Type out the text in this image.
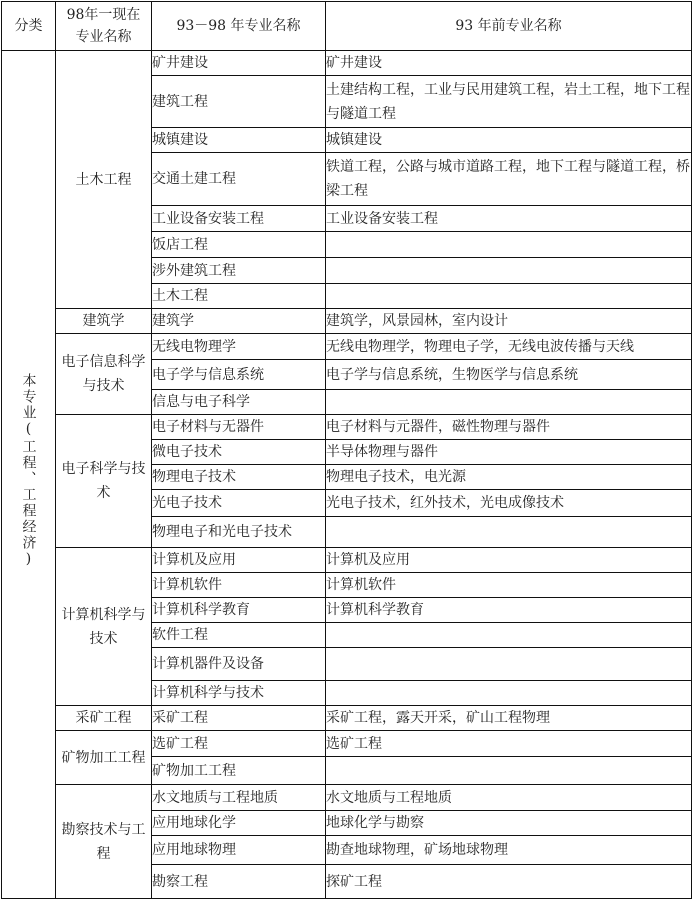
分类	98年一现在专业名称	93－98 年专业名称	93 年前专业名称
本专业(工程、工程经济)	土木工程	矿井建设	矿井建设
		建筑工程	土建结构工程，工业与民用建筑工程，岩土工程，地下工程与隧道工程
		城镇建设	城镇建设
		交通土建工程	铁道工程，公路与城市道路工程，地下工程与隧道工程，桥梁工程
		工业设备安装工程	工业设备安装工程
		饭店工程	
		涉外建筑工程	
		土木工程	
	建筑学	建筑学	建筑学，风景园林，室内设计
	电子信息科学与技术	无线电物理学	无线电物理学，物理电子学，无线电波传播与天线
		电子学与信息系统	电子学与信息系统，生物医学与信息系统
		信息与电子科学	
	电子科学与技术	电子材料与无器件	电子材料与元器件，磁性物理与器件
		微电子技术	半导体物理与器件
		物理电子技术	物理电子技术，电光源
		光电子技术	光电子技术，红外技术，光电成像技术
		物理电子和光电子技术	
	计算机科学与技术	计算机及应用	计算机及应用
		计算机软件	计算机软件
		计算机科学教育	计算机科学教育
		软件工程	
		计算机器件及设备	
		计算机科学与技术	
	采矿工程	采矿工程	采矿工程，露天开采，矿山工程物理
	矿物加工工程	选矿工程	选矿工程
		矿物加工工程	
	勘察技术与工程	水文地质与工程地质	水文地质与工程地质
		应用地球化学	地球化学与勘察
		应用地球物理	勘查地球物理，矿场地球物理
		勘察工程	探矿工程
